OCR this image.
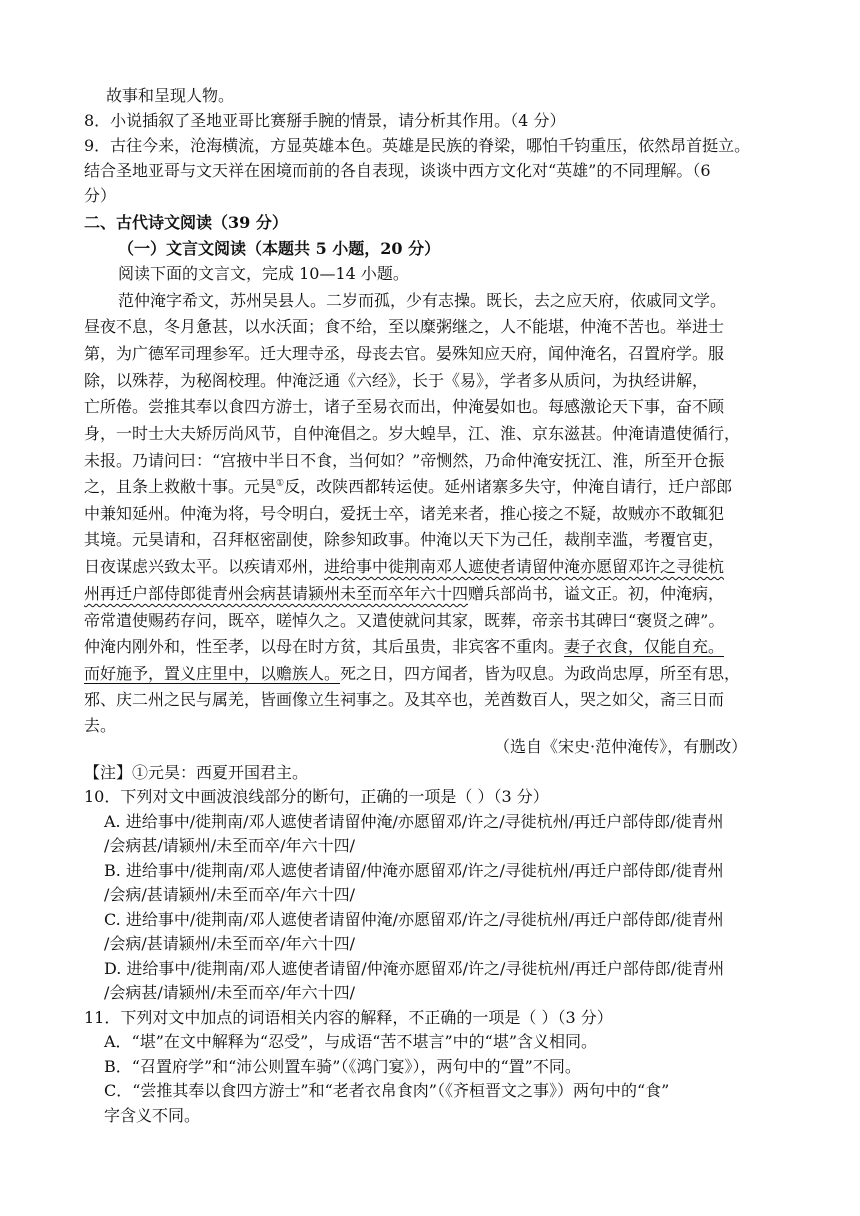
故事和呈现人物。
8．小说插叙了圣地亚哥比赛掰手腕的情景，请分析其作用。（4 分）
9．古往今来，沧海横流，方显英雄本色。英雄是民族的脊梁，哪怕千钧重压，依然昂首挺立。
结合圣地亚哥与文天祥在困境而前的各自表现，谈谈中西方文化对“英雄”的不同理解。（6
分）
二、古代诗文阅读（39 分）
（一）文言文阅读（本题共 5 小题，20 分）
阅读下面的文言文，完成 10—14 小题。
范仲淹字希文，苏州吴县人。二岁而孤，少有志操。既长，去之应天府，依戚同文学。
昼夜不息，冬月惫甚，以水沃面；食不给，至以糜粥继之，人不能堪，仲淹不苦也。举进士
第，为广德军司理参军。迁大理寺丞，母丧去官。晏殊知应天府，闻仲淹名，召置府学。服
除，以殊荐，为秘阁校理。仲淹泛通《六经》，长于《易》，学者多从质问，为执经讲解，
亡所倦。尝推其奉以食四方游士，诸子至易衣而出，仲淹晏如也。每感激论天下事，奋不顾
身，一时士大夫矫厉尚风节，自仲淹倡之。岁大蝗旱，江、淮、京东滋甚。仲淹请遣使循行，
未报。乃请问曰：“宫掖中半日不食，当何如？”帝恻然，乃命仲淹安抚江、淮，所至开仓振
之，且条上救敝十事。元昊①反，改陕西都转运使。延州诸寨多失守，仲淹自请行，迁户部郎
中兼知延州。仲淹为将，号令明白，爱抚士卒，诸羌来者，推心接之不疑，故贼亦不敢辄犯
其境。元昊请和，召拜枢密副使，除参知政事。仲淹以天下为己任，裁削幸滥，考覆官吏，
日夜谋虑兴致太平。以疾请邓州，进给事中徙荆南邓人遮使者请留仲淹亦愿留邓许之寻徙杭
州再迁户部侍郎徙青州会病甚请颍州未至而卒年六十四赠兵部尚书，谥文正。初，仲淹病，
帝常遣使赐药存问，既卒，嗟悼久之。又遣使就问其家，既葬，帝亲书其碑曰“褒贤之碑”。
仲淹内刚外和，性至孝，以母在时方贫，其后虽贵，非宾客不重肉。妻子衣食，仅能自充。
而好施予，置义庄里中，以赡族人。死之日，四方闻者，皆为叹息。为政尚忠厚，所至有思，
邪、庆二州之民与属羌，皆画像立生祠事之。及其卒也，羌酋数百人，哭之如父，斋三日而
去。
（选自《宋史·范仲淹传》，有删改）
【注】①元昊：西夏开国君主。
10．下列对文中画波浪线部分的断句，正确的一项是（ ）（3 分）
A. 进给事中/徙荆南/邓人遮使者请留仲淹/亦愿留邓/许之/寻徙杭州/再迁户部侍郎/徙青州
/会病甚/请颍州/未至而卒/年六十四/
B. 进给事中/徙荆南/邓人遮使者请留/仲淹亦愿留邓/许之/寻徙杭州/再迁户部侍郎/徙青州
/会病/甚请颍州/未至而卒/年六十四/
C. 进给事中/徙荆南/邓人遮使者请留仲淹/亦愿留邓/许之/寻徙杭州/再迁户部侍郎/徙青州
/会病/甚请颍州/未至而卒/年六十四/
D. 进给事中/徙荆南/邓人遮使者请留/仲淹亦愿留邓/许之/寻徙杭州/再迁户部侍郎/徙青州
/会病甚/请颍州/未至而卒/年六十四/
11．下列对文中加点的词语相关内容的解释，不正确的一项是（ ）（3 分）
A．“堪”在文中解释为“忍受”，与成语“苦不堪言”中的“堪”含义相同。
B．“召置府学”和“沛公则置车骑”（《鸿门宴》），两句中的“置”不同。
C．“尝推其奉以食四方游士”和“老者衣帛食肉”（《齐桓晋文之事》）两句中的“食”
字含义不同。
